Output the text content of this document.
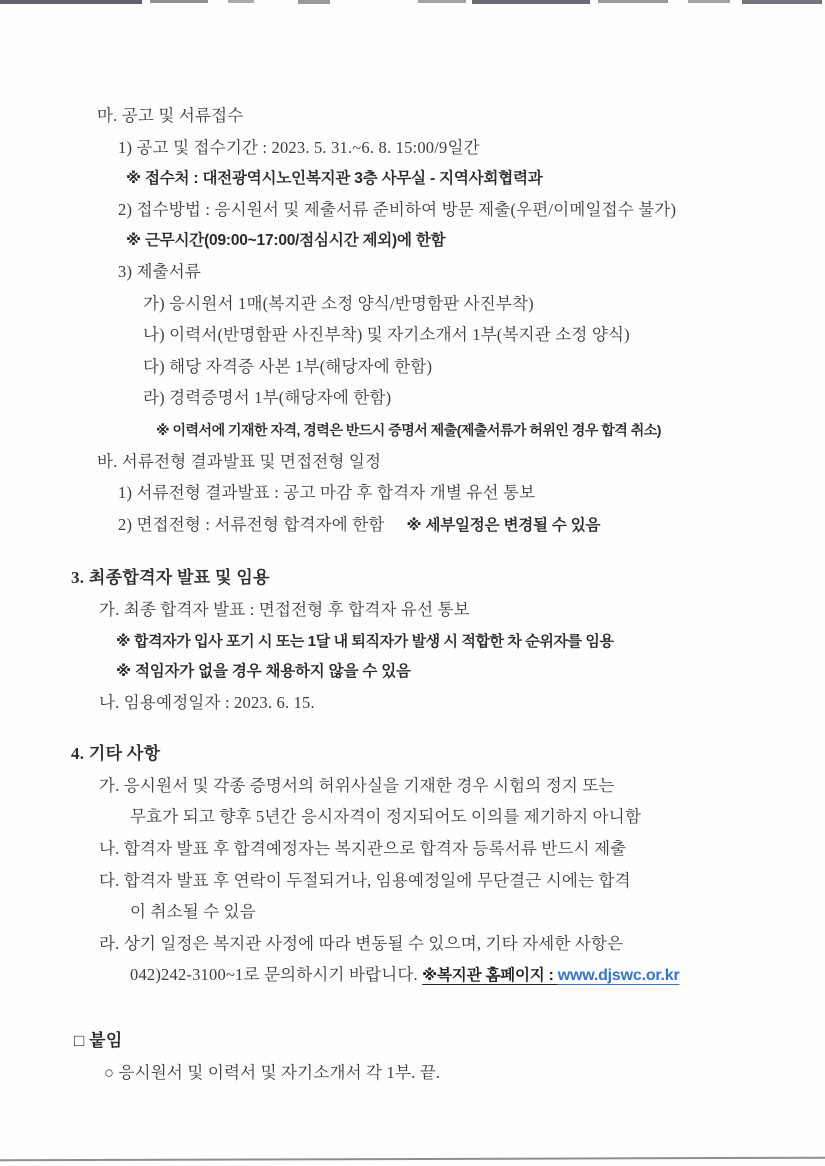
마. 공고 및 서류접수
1) 공고 및 접수기간 : 2023. 5. 31.~6. 8. 15:00/9일간
※ 접수처 : 대전광역시노인복지관 3층 사무실 - 지역사회협력과
2) 접수방법 : 응시원서 및 제출서류 준비하여 방문 제출(우편/이메일접수 불가)
※ 근무시간(09:00~17:00/점심시간 제외)에 한함
3) 제출서류
가) 응시원서 1매(복지관 소정 양식/반명함판 사진부착)
나) 이력서(반명함판 사진부착) 및 자기소개서 1부(복지관 소정 양식)
다) 해당 자격증 사본 1부(해당자에 한함)
라) 경력증명서 1부(해당자에 한함)
※ 이력서에 기재한 자격, 경력은 반드시 증명서 제출(제출서류가 허위인 경우 합격 취소)
바. 서류전형 결과발표 및 면접전형 일정
1) 서류전형 결과발표 : 공고 마감 후 합격자 개별 유선 통보
2) 면접전형 : 서류전형 합격자에 한함 ※ 세부일정은 변경될 수 있음
3. 최종합격자 발표 및 임용
가. 최종 합격자 발표 : 면접전형 후 합격자 유선 통보
※ 합격자가 입사 포기 시 또는 1달 내 퇴직자가 발생 시 적합한 차 순위자를 임용
※ 적임자가 없을 경우 채용하지 않을 수 있음
나. 임용예정일자 : 2023. 6. 15.
4. 기타 사항
가. 응시원서 및 각종 증명서의 허위사실을 기재한 경우 시험의 정지 또는
무효가 되고 향후 5년간 응시자격이 정지되어도 이의를 제기하지 아니함
나. 합격자 발표 후 합격예정자는 복지관으로 합격자 등록서류 반드시 제출
다. 합격자 발표 후 연락이 두절되거나, 임용예정일에 무단결근 시에는 합격
이 취소될 수 있음
라. 상기 일정은 복지관 사정에 따라 변동될 수 있으며, 기타 자세한 사항은
042)242-3100~1로 문의하시기 바랍니다. ※복지관 홈페이지 : www.djswc.or.kr
□ 붙임
○ 응시원서 및 이력서 및 자기소개서 각 1부. 끝.
